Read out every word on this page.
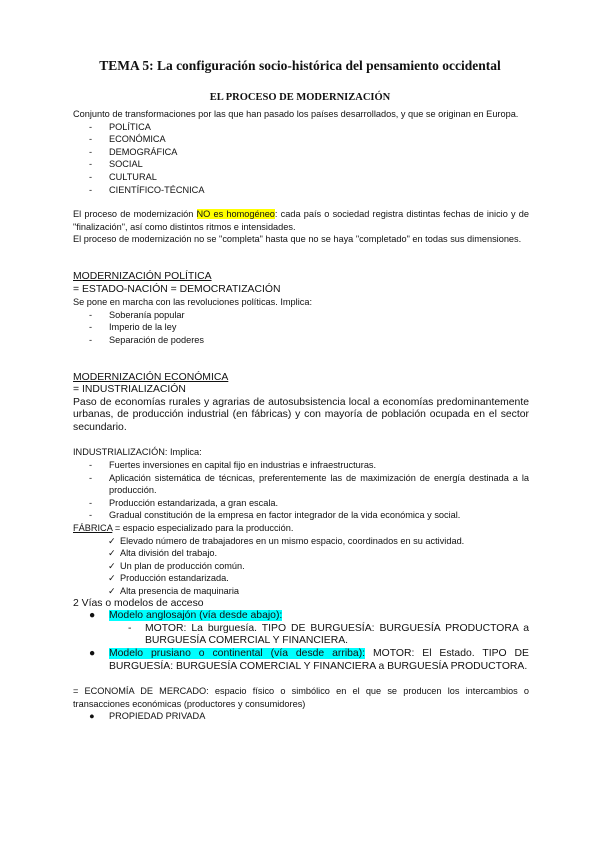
TEMA 5: La configuración socio-histórica del pensamiento occidental
EL PROCESO DE MODERNIZACIÓN

Conjunto de transformaciones por las que han pasado los países desarrollados, y que se originan en Europa.

- POLÍTICA
- ECONÓMICA
- DEMOGRÁFICA
- SOCIAL
- CULTURAL
- CIENTÍFICO-TÉCNICA

El proceso de modernización NO es homogéneo: cada país o sociedad registra distintas fechas de inicio y de "finalización", así como distintos ritmos e intensidades.

El proceso de modernización no se "completa" hasta que no se haya "completado" en todas sus dimensiones.

MODERNIZACIÓN POLÍTICA

= ESTADO-NACIÓN = DEMOCRATIZACIÓN

Se pone en marcha con las revoluciones políticas. Implica:

- Soberanía popular
- Imperio de la ley
- Separación de poderes

MODERNIZACIÓN ECONÓMICA

= INDUSTRIALIZACIÓN

Paso de economías rurales y agrarias de autosubsistencia local a economías predominantemente urbanas, de producción industrial (en fábricas) y con mayoría de población ocupada en el sector secundario.

INDUSTRIALIZACIÓN: Implica:

- Fuertes inversiones en capital fijo en industrias e infraestructuras.
- Aplicación sistemática de técnicas, preferentemente las de maximización de energía destinada a la producción.
- Producción estandarizada, a gran escala.
- Gradual constitución de la empresa en factor integrador de la vida económica y social.

FÁBRICA = espacio especializado para la producción.

✓ Elevado número de trabajadores en un mismo espacio, coordinados en su actividad.
✓ Alta división del trabajo.
✓ Un plan de producción común.
✓ Producción estandarizada.
✓ Alta presencia de maquinaria

2 Vías o modelos de acceso

● Modelo anglosajón (vía desde abajo):
- MOTOR: La burguesía. TIPO DE BURGUESÍA: BURGUESÍA PRODUCTORA a BURGUESÍA COMERCIAL Y FINANCIERA.
● Modelo prusiano o continental (vía desde arriba): MOTOR: El Estado. TIPO DE BURGUESÍA: BURGUESÍA COMERCIAL Y FINANCIERA a BURGUESÍA PRODUCTORA.

= ECONOMÍA DE MERCADO: espacio físico o simbólico en el que se producen los intercambios o transacciones económicas (productores y consumidores)

● PROPIEDAD PRIVADA
